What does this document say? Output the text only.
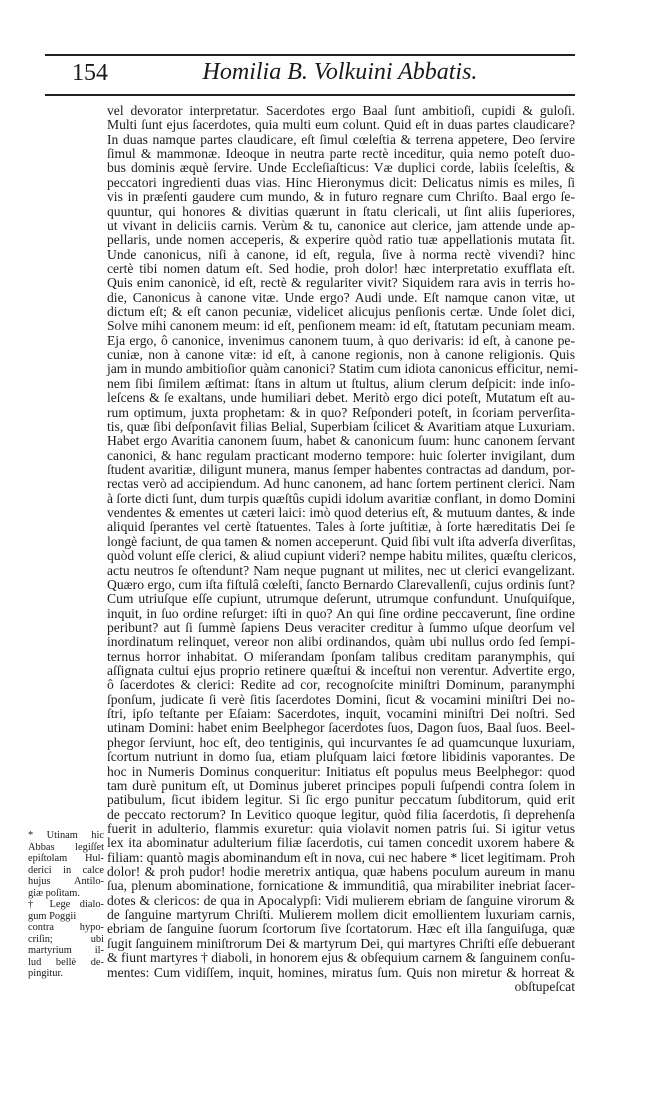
154	Homilia B. Volkuini Abbatis.
vel devorator interpretatur. Sacerdotes ergo Baal ſunt ambitioſi, cupidi & guloſi.
Multi ſunt ejus ſacerdotes, quia multi eum colunt. Quid eſt in duas partes claudicare?
In duas namque partes claudicare, eſt ſimul cœleſtia & terrena appetere, Deo ſervire
ſimul & mammonæ. Ideoque in neutra parte rectè inceditur, quia nemo poteſt duo-
bus dominis æquè ſervire. Unde Eccleſiaſticus: Væ duplici corde, labiis ſceleſtis, &
peccatori ingredienti duas vias. Hinc Hieronymus dicit: Delicatus nimis es miles, ſi
vis in præſenti gaudere cum mundo, & in futuro regnare cum Chriſto. Baal ergo ſe-
quuntur, qui honores & divitias quærunt in ſtatu clericali, ut ſint aliis ſuperiores,
ut vivant in deliciis carnis. Verùm & tu, canonice aut clerice, jam attende unde ap-
pellaris, unde nomen acceperis, & experire quòd ratio tuæ appellationis mutata ſit.
Unde canonicus, niſi à canone, id eſt, regula, ſive à norma rectè vivendi? hinc
certè tibi nomen datum eſt. Sed hodie, proh dolor! hæc interpretatio exufflata eſt.
Quis enim canonicè, id eſt, rectè & regulariter vivit? Siquidem rara avis in terris ho-
die, Canonicus à canone vitæ. Unde ergo? Audi unde. Eſt namque canon vitæ, ut
dictum eſt; & eſt canon pecuniæ, videlicet alicujus penſionis certæ. Unde ſolet dici,
Solve mihi canonem meum: id eſt, penſionem meam: id eſt, ſtatutam pecuniam meam.
Eja ergo, ô canonice, invenimus canonem tuum, à quo derivaris: id eſt, à canone pe-
cuniæ, non à canone vitæ: id eſt, à canone regionis, non à canone religionis. Quis
jam in mundo ambitioſior quàm canonici? Statim cum idiota canonicus efficitur, nemi-
nem ſibi ſimilem æſtimat: ſtans in altum ut ſtultus, alium clerum deſpicit: inde inſo-
leſcens & ſe exaltans, unde humiliari debet. Meritò ergo dici poteſt, Mutatum eſt au-
rum optimum, juxta prophetam: & in quo? Reſponderi poteſt, in ſcoriam perverſita-
tis, quæ ſibi deſponſavit filias Belial, Superbiam ſcilicet & Avaritiam atque Luxuriam.
Habet ergo Avaritia canonem ſuum, habet & canonicum ſuum: hunc canonem ſervant
canonici, & hanc regulam practicant moderno tempore: huic ſolerter invigilant, dum
ſtudent avaritiæ, diligunt munera, manus ſemper habentes contractas ad dandum, por-
rectas verò ad accipiendum. Ad hunc canonem, ad hanc ſortem pertinent clerici. Nam
à ſorte dicti ſunt, dum turpis quæſtûs cupidi idolum avaritiæ conflant, in domo Domini
vendentes & ementes ut cæteri laici: imò quod deterius eſt, & mutuum dantes, & inde
aliquid ſperantes vel certè ſtatuentes. Tales à ſorte juſtitiæ, à ſorte hæreditatis Dei ſe
longè faciunt, de qua tamen & nomen acceperunt. Quid ſibi vult iſta adverſa diverſitas,
quòd volunt eſſe clerici, & aliud cupiunt videri? nempe habitu milites, quæſtu clericos,
actu neutros ſe oſtendunt? Nam neque pugnant ut milites, nec ut clerici evangelizant.
Quæro ergo, cum iſta fiſtulâ cœleſti, ſancto Bernardo Clarevallenſi, cujus ordinis ſunt?
Cum utriuſque eſſe cupiunt, utrumque deſerunt, utrumque confundunt. Unuſquiſque,
inquit, in ſuo ordine reſurget: iſti in quo? An qui ſine ordine peccaverunt, ſine ordine
peribunt? aut ſi ſummè ſapiens Deus veraciter creditur à ſummo uſque deorſum vel
inordinatum relinquet, vereor non alibi ordinandos, quàm ubi nullus ordo ſed ſempi-
ternus horror inhabitat. O miſerandam ſponſam talibus creditam paranymphis, qui
aſſignata cultui ejus proprio retinere quæſtui & inceſtui non verentur. Advertite ergo,
ô ſacerdotes & clerici: Redite ad cor, recognoſcite miniſtri Dominum, paranymphi
ſponſum, judicate ſi verè ſitis ſacerdotes Domini, ſicut & vocamini miniſtri Dei no-
ſtri, ipſo teſtante per Eſaiam: Sacerdotes, inquit, vocamini miniſtri Dei noſtri. Sed
utinam Domini: habet enim Beelphegor ſacerdotes ſuos, Dagon ſuos, Baal ſuos. Beel-
phegor ſerviunt, hoc eſt, deo tentiginis, qui incurvantes ſe ad quamcunque luxuriam,
ſcortum nutriunt in domo ſua, etiam pluſquam laici fœtore libidinis vaporantes. De
hoc in Numeris Dominus conqueritur: Initiatus eſt populus meus Beelphegor: quod
tam durè punitum eſt, ut Dominus juberet principes populi ſuſpendi contra ſolem in
patibulum, ſicut ibidem legitur. Si ſic ergo punitur peccatum ſubditorum, quid erit
de peccato rectorum? In Levitico quoque legitur, quòd filia ſacerdotis, ſi deprehenſa
fuerit in adulterio, flammis exuretur: quia violavit nomen patris ſui. Si igitur vetus
lex ita abominatur adulterium filiæ ſacerdotis, cui tamen concedit uxorem habere &
filiam: quantò magis abominandum eſt in nova, cui nec habere * licet legitimam. Proh
dolor! & proh pudor! hodie meretrix antiqua, quæ habens poculum aureum in manu
ſua, plenum abominatione, fornicatione & immunditiâ, qua mirabiliter inebriat ſacer-
dotes & clericos: de qua in Apocalypſi: Vidi mulierem ebriam de ſanguine virorum &
de ſanguine martyrum Chriſti. Mulierem mollem dicit emollientem luxuriam carnis,
ebriam de ſanguine ſuorum ſcortorum ſive ſcortatorum. Hæc eſt illa ſanguiſuga, quæ
ſugit ſanguinem miniſtrorum Dei & martyrum Dei, qui martyres Chriſti eſſe debuerant
& fiunt martyres † diaboli, in honorem ejus & obſequium carnem & ſanguinem conſu-
mentes: Cum vidiſſem, inquit, homines, miratus ſum. Quis non miretur & horreat &
obſtupeſcat
* Utinam hic
Abbas legiſſet
epiſtolam Hul-
derici in calce
hujus Antilo-
giæ poſitam.
† Lege dialo-
gum Poggii
contra hypo-
criſin; ubi
martyrium il-
lud bellè de-
pingitur.
